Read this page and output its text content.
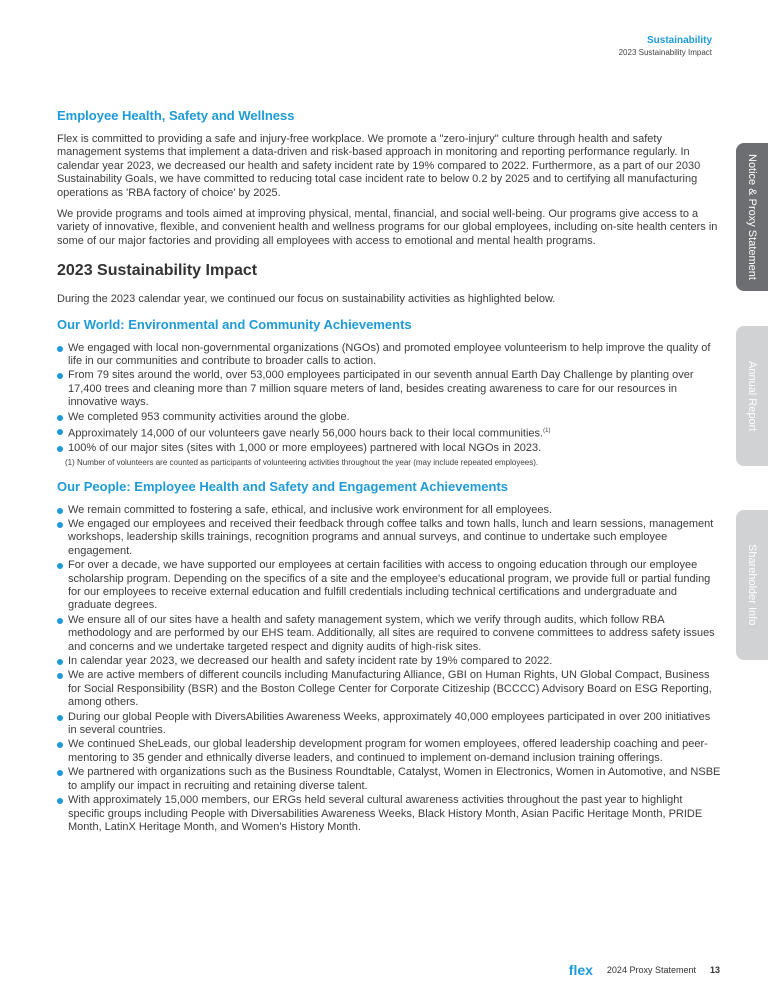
Sustainability
2023 Sustainability Impact
Notice & Proxy Statement
Annual Report
Shareholder Info
Employee Health, Safety and Wellness

Flex is committed to providing a safe and injury-free workplace. We promote a "zero-injury" culture through health and safety management systems that implement a data-driven and risk-based approach in monitoring and reporting performance regularly. In calendar year 2023, we decreased our health and safety incident rate by 19% compared to 2022. Furthermore, as a part of our 2030 Sustainability Goals, we have committed to reducing total case incident rate to below 0.2 by 2025 and to certifying all manufacturing operations as 'RBA factory of choice' by 2025.

We provide programs and tools aimed at improving physical, mental, financial, and social well-being. Our programs give access to a variety of innovative, flexible, and convenient health and wellness programs for our global employees, including on-site health centers in some of our major factories and providing all employees with access to emotional and mental health programs.

2023 Sustainability Impact

During the 2023 calendar year, we continued our focus on sustainability activities as highlighted below.

Our World: Environmental and Community Achievements
We engaged with local non-governmental organizations (NGOs) and promoted employee volunteerism to help improve the quality of life in our communities and contribute to broader calls to action.
From 79 sites around the world, over 53,000 employees participated in our seventh annual Earth Day Challenge by planting over 17,400 trees and cleaning more than 7 million square meters of land, besides creating awareness to care for our resources in innovative ways.
We completed 953 community activities around the globe.
Approximately 14,000 of our volunteers gave nearly 56,000 hours back to their local communities.$^{(1)}$
100% of our major sites (sites with 1,000 or more employees) partnered with local NGOs in 2023.
(1) Number of volunteers are counted as participants of volunteering activities throughout the year (may include repeated employees).
Our People: Employee Health and Safety and Engagement Achievements
We remain committed to fostering a safe, ethical, and inclusive work environment for all employees.
We engaged our employees and received their feedback through coffee talks and town halls, lunch and learn sessions, management workshops, leadership skills trainings, recognition programs and annual surveys, and continue to undertake such employee engagement.
For over a decade, we have supported our employees at certain facilities with access to ongoing education through our employee scholarship program. Depending on the specifics of a site and the employee's educational program, we provide full or partial funding for our employees to receive external education and fulfill credentials including technical certifications and undergraduate and graduate degrees.
We ensure all of our sites have a health and safety management system, which we verify through audits, which follow RBA methodology and are performed by our EHS team. Additionally, all sites are required to convene committees to address safety issues and concerns and we undertake targeted respect and dignity audits of high-risk sites.
In calendar year 2023, we decreased our health and safety incident rate by 19% compared to 2022.
We are active members of different councils including Manufacturing Alliance, GBI on Human Rights, UN Global Compact, Business for Social Responsibility (BSR) and the Boston College Center for Corporate Citizeship (BCCCC) Advisory Board on ESG Reporting, among others.
During our global People with DiversAbilities Awareness Weeks, approximately 40,000 employees participated in over 200 initiatives in several countries.
We continued SheLeads, our global leadership development program for women employees, offered leadership coaching and peer-mentoring to 35 gender and ethnically diverse leaders, and continued to implement on-demand inclusion training offerings.
We partnered with organizations such as the Business Roundtable, Catalyst, Women in Electronics, Women in Automotive, and NSBE to amplify our impact in recruiting and retaining diverse talent.
With approximately 15,000 members, our ERGs held several cultural awareness activities throughout the past year to highlight specific groups including People with Diversabilities Awareness Weeks, Black History Month, Asian Pacific Heritage Month, PRIDE Month, LatinX Heritage Month, and Women's History Month.
flex 2024 Proxy Statement 13
